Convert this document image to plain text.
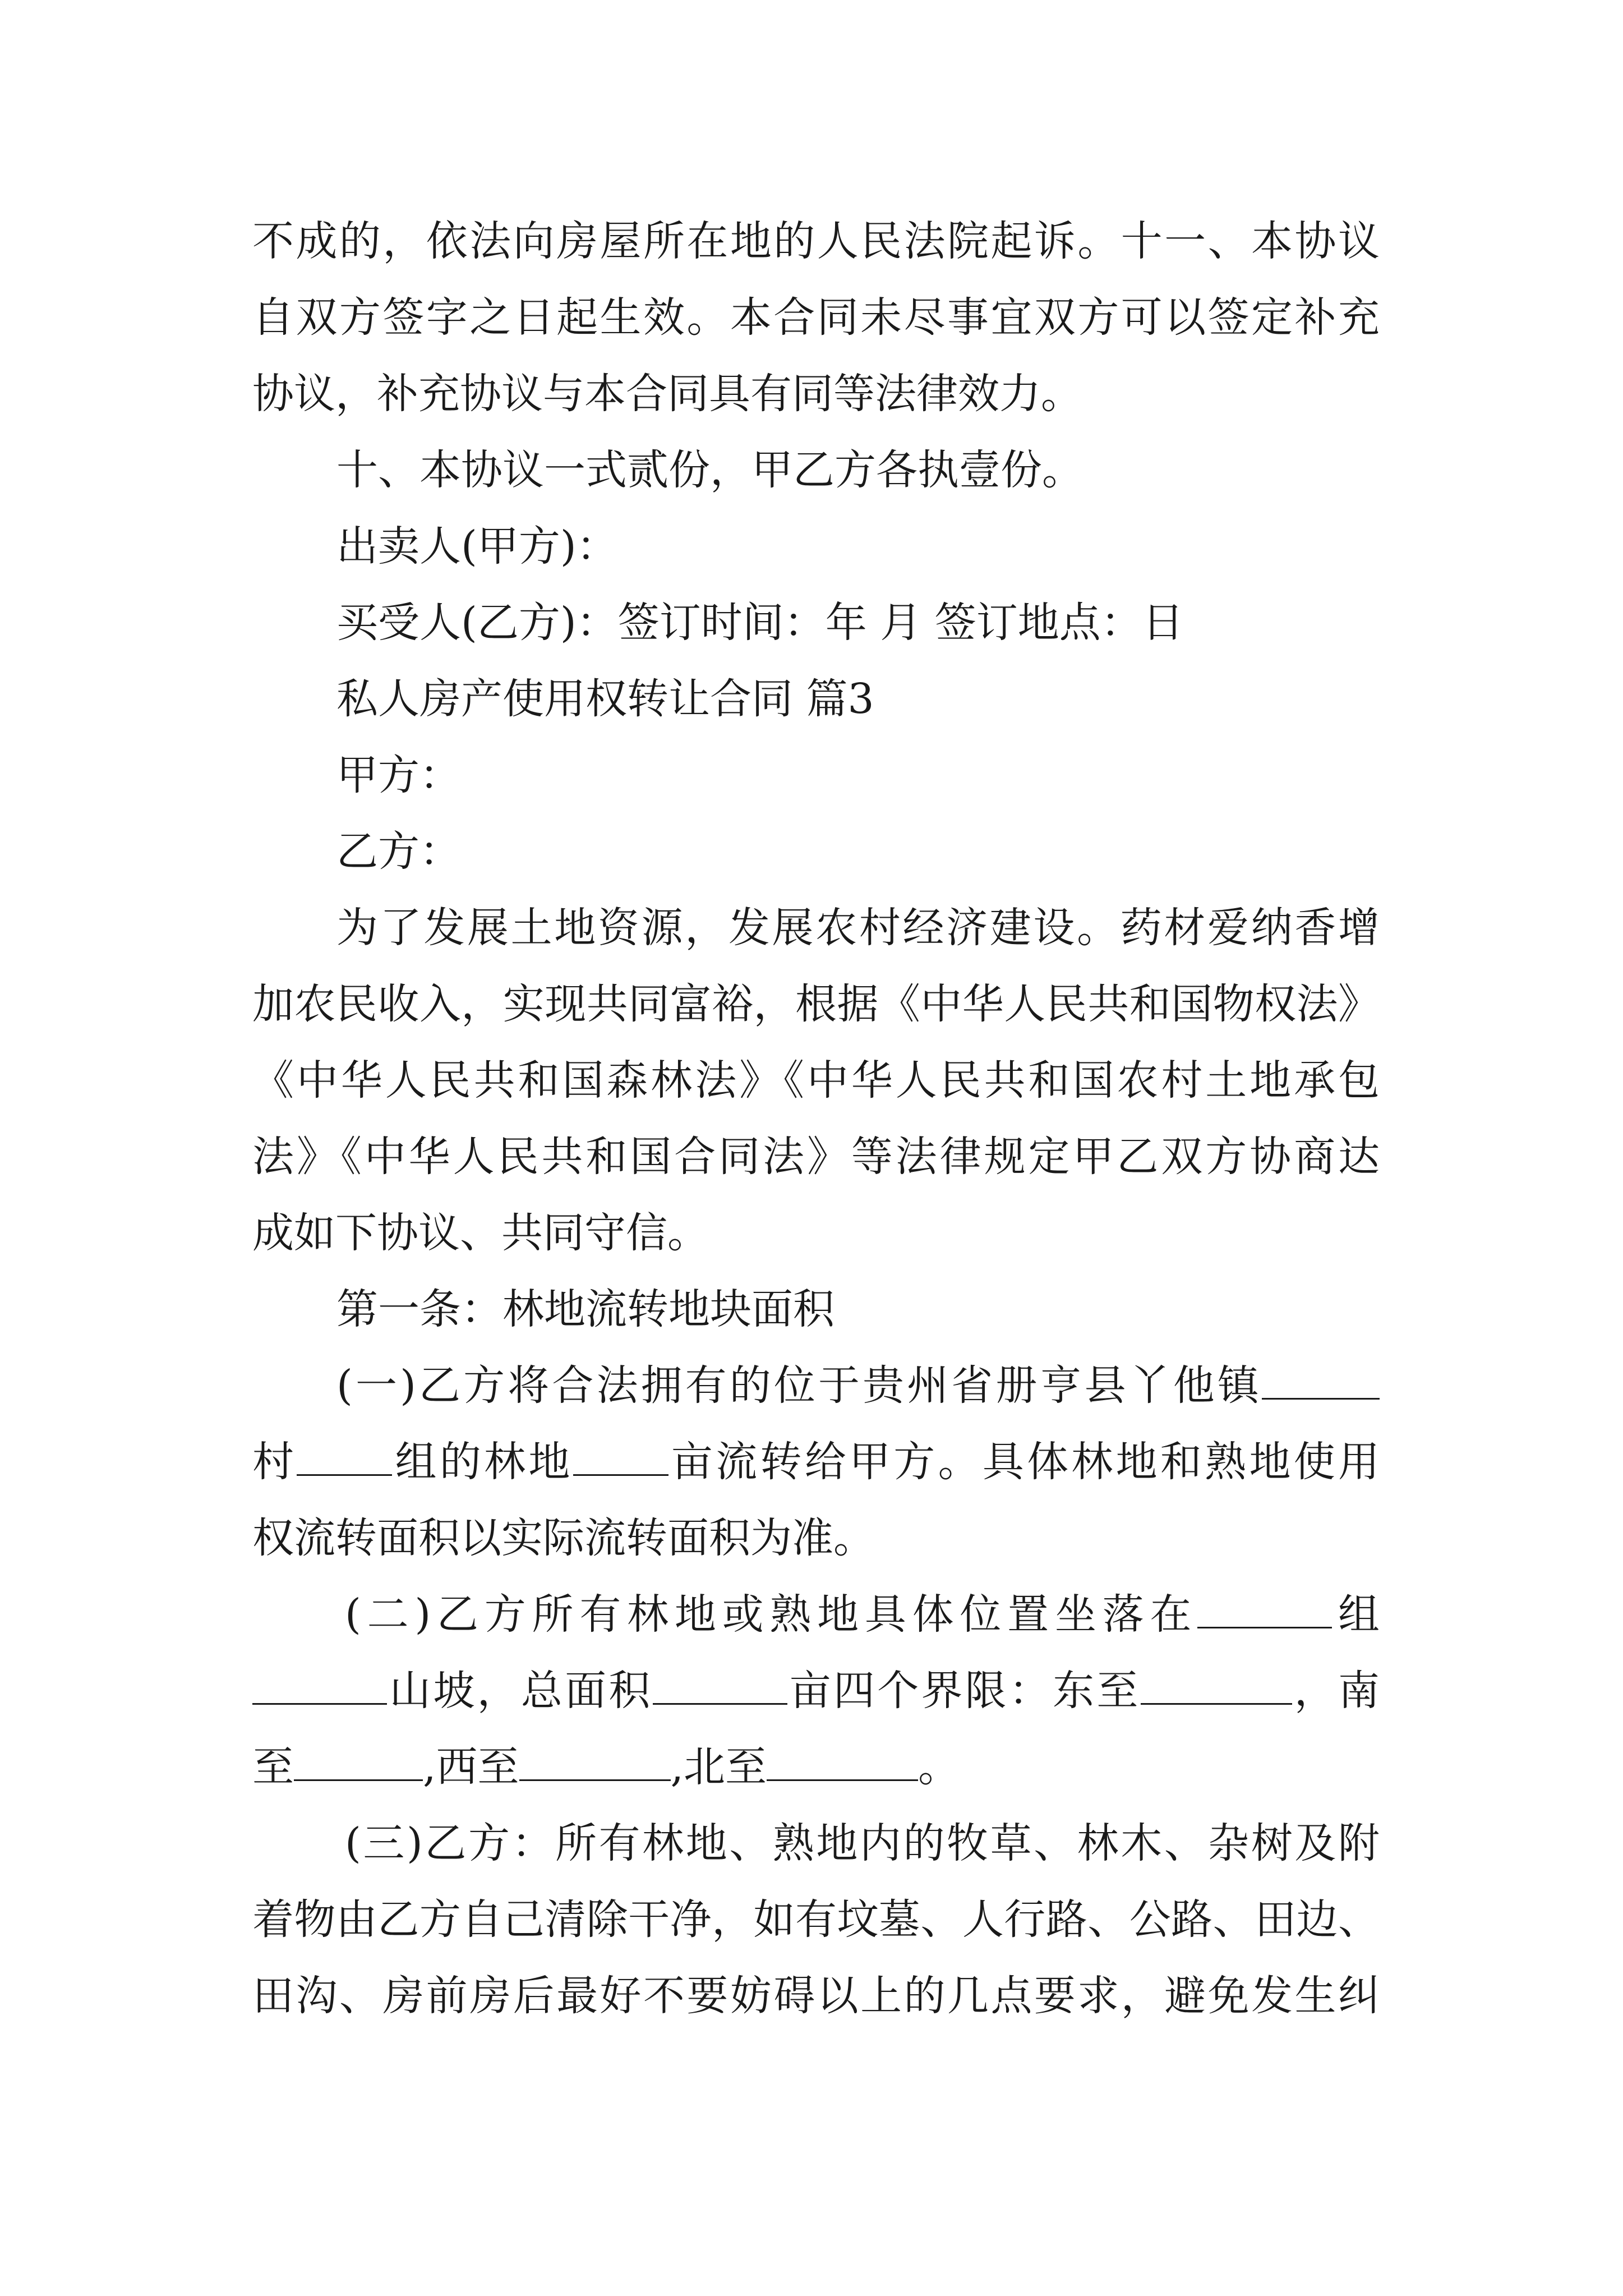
不成的，依法向房屋所在地的人民法院起诉。十一、本协议
自双方签字之日起生效。本合同未尽事宜双方可以签定补充
协议，补充协议与本合同具有同等法律效力。
十、本协议一式贰份，甲乙方各执壹份。
出卖人(甲方)：
买受人(乙方)：签订时间：年 月 签订地点：日
私人房产使用权转让合同 篇3
甲方：
乙方：
为了发展土地资源，发展农村经济建设。药材爱纳香增
加农民收入，实现共同富裕，根据《中华人民共和国物权法》
《中华人民共和国森林法》《中华人民共和国农村土地承包
法》《中华人民共和国合同法》等法律规定甲乙双方协商达
成如下协议、共同守信。
第一条：林地流转地块面积
(一)乙方将合法拥有的位于贵州省册亨县丫他镇
村 组的林地 亩流转给甲方。具体林地和熟地使用
权流转面积以实际流转面积为准。
(二)乙方所有林地或熟地具体位置坐落在	组
山坡，总面积	亩四个界限：东至	，南
至	,西至	,北至	。
(三)乙方：所有林地、熟地内的牧草、林木、杂树及附
着物由乙方自己清除干净，如有坟墓、人行路、公路、田边、
田沟、房前房后最好不要妨碍以上的几点要求，避免发生纠
